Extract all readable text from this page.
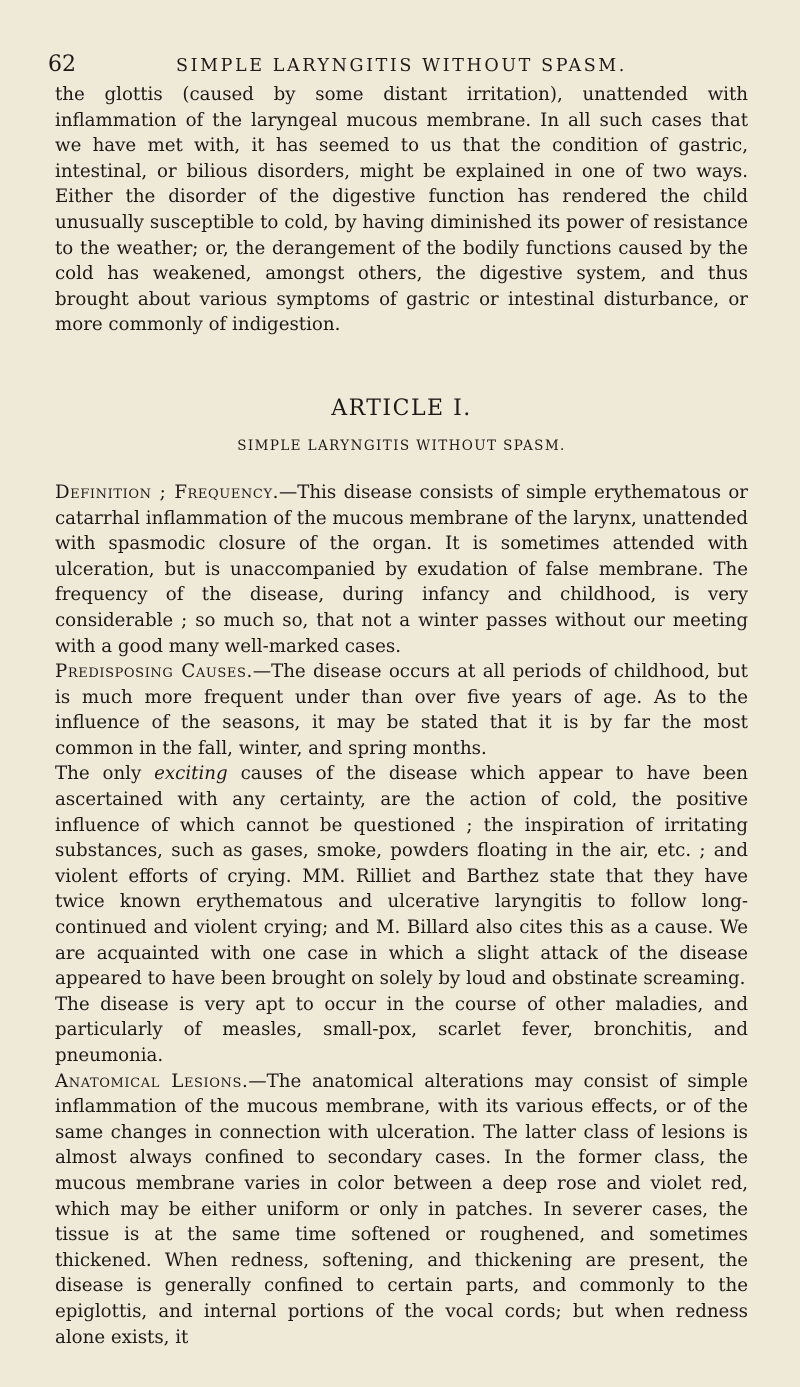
62	SIMPLE LARYNGITIS WITHOUT SPASM.

the glottis (caused by some distant irritation), unattended with inflammation of the laryngeal mucous membrane. In all such cases that we have met with, it has seemed to us that the condition of gastric, intestinal, or bilious disorders, might be explained in one of two ways. Either the disorder of the digestive function has rendered the child unusually susceptible to cold, by having diminished its power of resistance to the weather; or, the derangement of the bodily functions caused by the cold has weakened, amongst others, the digestive system, and thus brought about various symptoms of gastric or intestinal disturbance, or more commonly of indigestion.

ARTICLE I.
SIMPLE LARYNGITIS WITHOUT SPASM.

Definition ; Frequency.—This disease consists of simple erythematous or catarrhal inflammation of the mucous membrane of the larynx, unattended with spasmodic closure of the organ. It is sometimes attended with ulceration, but is unaccompanied by exudation of false membrane. The frequency of the disease, during infancy and childhood, is very considerable ; so much so, that not a winter passes without our meeting with a good many well-marked cases.

Predisposing Causes.—The disease occurs at all periods of childhood, but is much more frequent under than over five years of age. As to the influence of the seasons, it may be stated that it is by far the most common in the fall, winter, and spring months.

The only exciting causes of the disease which appear to have been ascertained with any certainty, are the action of cold, the positive influence of which cannot be questioned ; the inspiration of irritating substances, such as gases, smoke, powders floating in the air, etc. ; and violent efforts of crying. MM. Rilliet and Barthez state that they have twice known erythematous and ulcerative laryngitis to follow long-continued and violent crying; and M. Billard also cites this as a cause. We are acquainted with one case in which a slight attack of the disease appeared to have been brought on solely by loud and obstinate screaming.

The disease is very apt to occur in the course of other maladies, and particularly of measles, small-pox, scarlet fever, bronchitis, and pneumonia.

Anatomical Lesions.—The anatomical alterations may consist of simple inflammation of the mucous membrane, with its various effects, or of the same changes in connection with ulceration. The latter class of lesions is almost always confined to secondary cases. In the former class, the mucous membrane varies in color between a deep rose and violet red, which may be either uniform or only in patches. In severer cases, the tissue is at the same time softened or roughened, and sometimes thickened. When redness, softening, and thickening are present, the disease is generally confined to certain parts, and commonly to the epiglottis, and internal portions of the vocal cords; but when redness alone exists, it
